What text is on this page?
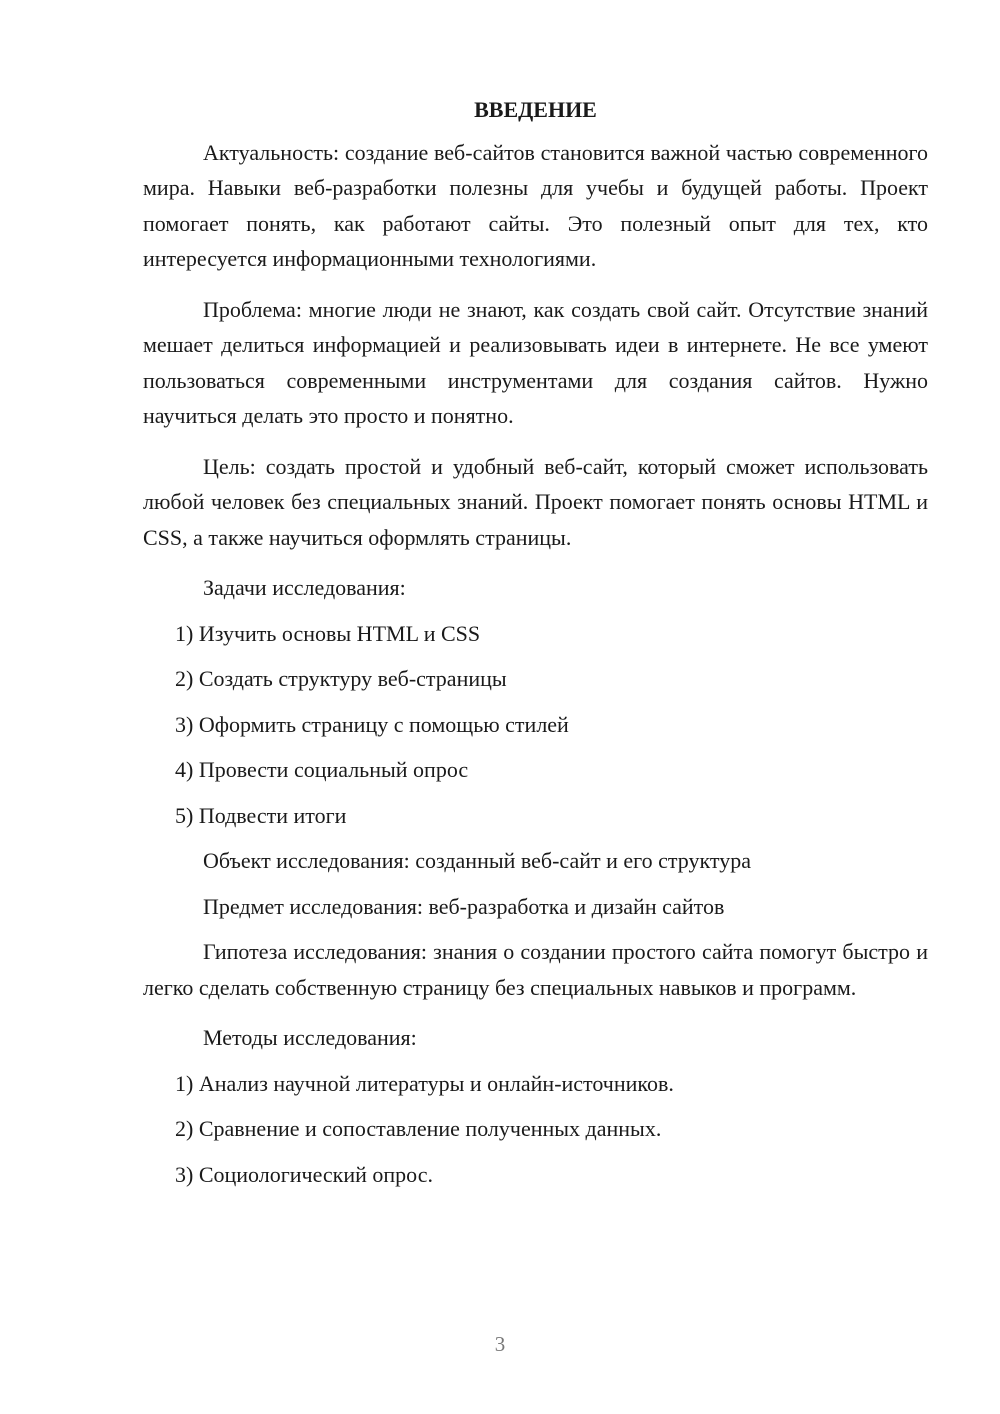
ВВЕДЕНИЕ

Актуальность: создание веб-сайтов становится важной частью современного мира. Навыки веб-разработки полезны для учебы и будущей работы. Проект помогает понять, как работают сайты. Это полезный опыт для тех, кто интересуется информационными технологиями.

Проблема: многие люди не знают, как создать свой сайт. Отсутствие знаний мешает делиться информацией и реализовывать идеи в интернете. Не все умеют пользоваться современными инструментами для создания сайтов. Нужно научиться делать это просто и понятно.

Цель: создать простой и удобный веб-сайт, который сможет использовать любой человек без специальных знаний. Проект помогает понять основы HTML и CSS, а также научиться оформлять страницы.

Задачи исследования:
1) Изучить основы HTML и CSS
2) Создать структуру веб-страницы
3) Оформить страницу с помощью стилей
4) Провести социальный опрос
5) Подвести итоги
Объект исследования: созданный веб-сайт и его структура
Предмет исследования: веб-разработка и дизайн сайтов

Гипотеза исследования: знания о создании простого сайта помогут быстро и легко сделать собственную страницу без специальных навыков и программ.

Методы исследования:
1) Анализ научной литературы и онлайн-источников.
2) Сравнение и сопоставление полученных данных.
3) Социологический опрос.
3
